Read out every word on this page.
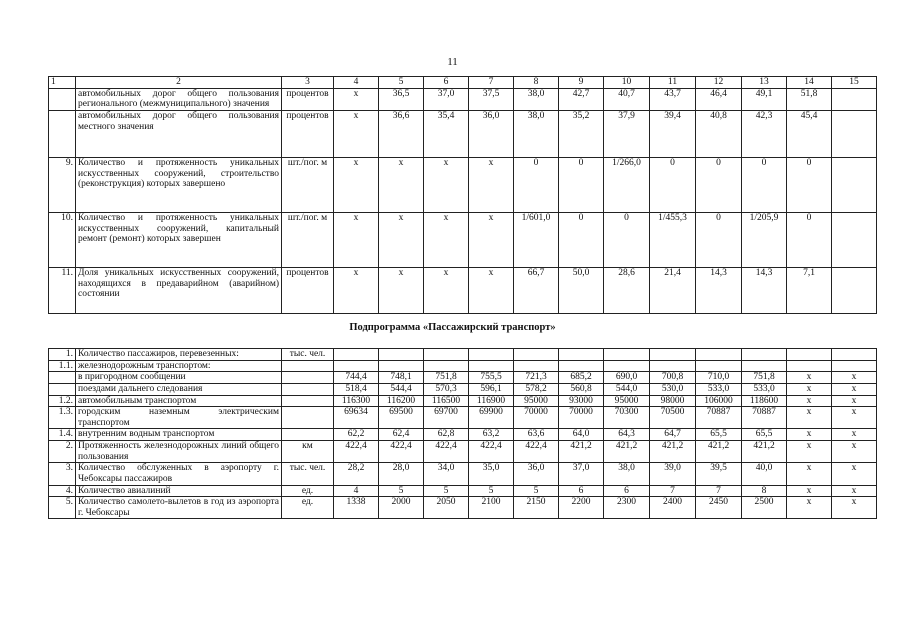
11
1	2	3	4	5	6	7	8	9	10	11	12	13	14	15
	автомобильных дорог общего пользования регионального (межмуниципального) значения	процентов	x	36,5	37,0	37,5	38,0	42,7	40,7	43,7	46,4	49,1	51,8	
	автомобильных дорог общего пользования местного значения	процентов	x	36,6	35,4	36,0	38,0	35,2	37,9	39,4	40,8	42,3	45,4	
9.	Количество и протяженность уникальных искусственных сооружений, строительство (реконструкция) которых завершено	шт./пог. м	x	x	x	x	0	0	1/266,0	0	0	0	0	
10.	Количество и протяженность уникальных искусственных сооружений, капитальный ремонт (ремонт) которых завершен	шт./пог. м	x	x	x	x	1/601,0	0	0	1/455,3	0	1/205,9	0	
11.	Доля уникальных искусственных сооружений, находящихся в предаварийном (аварийном) состоянии	процентов	x	x	x	x	66,7	50,0	28,6	21,4	14,3	14,3	7,1	
Подпрограмма «Пассажирский транспорт»
1.	Количество пассажиров, перевезенных:	тыс. чел.												
1.1.	железнодорожным транспортом:													
	в пригородном сообщении		744,4	748,1	751,8	755,5	721,3	685,2	690,0	700,8	710,0	751,8	x	x
	поездами дальнего следования		518,4	544,4	570,3	596,1	578,2	560,8	544,0	530,0	533,0	533,0	x	x
1.2.	автомобильным транспортом		116300	116200	116500	116900	95000	93000	95000	98000	106000	118600	x	x
1.3.	городским наземным электрическим транспортом		69634	69500	69700	69900	70000	70000	70300	70500	70887	70887	x	x
1.4.	внутренним водным транспортом		62,2	62,4	62,8	63,2	63,6	64,0	64,3	64,7	65,5	65,5	x	x
2.	Протяженность железнодорожных линий общего пользования	км	422,4	422,4	422,4	422,4	422,4	421,2	421,2	421,2	421,2	421,2	x	x
3.	Количество обслуженных в аэропорту г. Чебоксары пассажиров	тыс. чел.	28,2	28,0	34,0	35,0	36,0	37,0	38,0	39,0	39,5	40,0	x	x
4.	Количество авиалиний	ед.	4	5	5	5	5	6	6	7	7	8	x	x
5.	Количество самолето-вылетов в год из аэропорта г. Чебоксары	ед.	1338	2000	2050	2100	2150	2200	2300	2400	2450	2500	x	x
